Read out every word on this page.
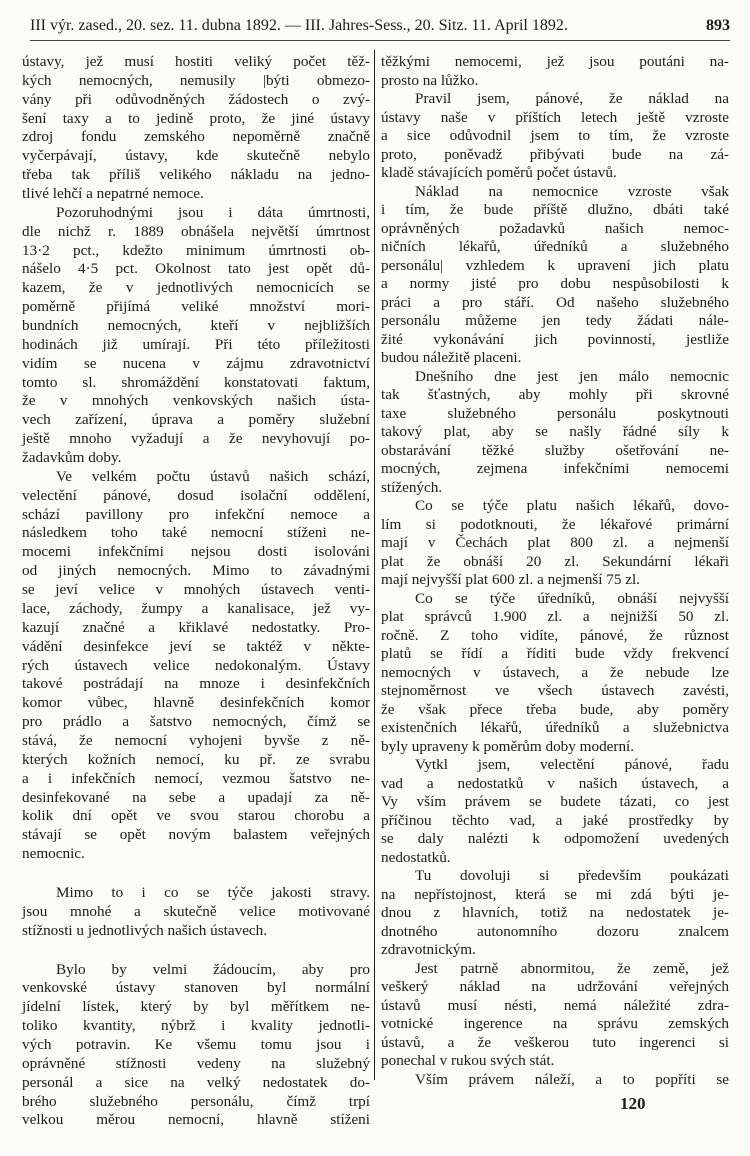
III výr. zased., 20. sez. 11. dubna 1892. — III. Jahres-Sess., 20. Sitz. 11. April 1892.	893
ústavy, jež musí hostiti veliký počet těž-
kých nemocných, nemusily |býti obmezo-
vány při odůvodněných žádostech o zvý-
šení taxy a to jedině proto, že jiné ústavy
zdroj fondu zemského nepoměrně značně
vyčerpávají, ústavy, kde skutečně nebylo
třeba tak příliš velikého nákladu na jedno-
tlivé lehčí a nepatrné nemoce.
Pozoruhodnými jsou i dáta úmrtnosti,
dle nichž r. 1889 obnášela největší úmrtnost
13·2 pct., kdežto minimum úmrtnosti ob-
nášelo 4·5 pct. Okolnost tato jest opět dů-
kazem, že v jednotlivých nemocnicích se
poměrně přijímá veliké množství mori-
bundních nemocných, kteří v nejbližších
hodinách již umírají. Při této příležitosti
vidím se nucena v zájmu zdravotnictví
tomto sl. shromáždění konstatovati faktum,
že v mnohých venkovských našich ústa-
vech zařízení, úprava a poměry služební
ještě mnoho vyžadují a že nevyhovují po-
žadavkům doby.
Ve velkém počtu ústavů našich schází,
velectění pánové, dosud isolační oddělení,
schází pavillony pro infekční nemoce a
následkem toho také nemocní stíženi ne-
mocemi infekčními nejsou dosti isolováni
od jiných nemocných. Mimo to závadnými
se jeví velice v mnohých ústavech venti-
lace, záchody, žumpy a kanalisace, jež vy-
kazují značné a křiklavé nedostatky. Pro-
vádění desinfekce jeví se taktéž v někte-
rých ústavech velice nedokonalým. Ústavy
takové postrádají na mnoze i desinfekčních
komor vůbec, hlavně desinfekčních komor
pro prádlo a šatstvo nemocných, čímž se
stává, že nemocní vyhojeni byvše z ně-
kterých kožních nemocí, ku př. ze svrabu
a i infekčních nemocí, vezmou šatstvo ne-
desinfekované na sebe a upadají za ně-
kolik dní opět ve svou starou chorobu a
stávají se opět novým balastem veřejných
nemocnic.
Mimo to i co se týče jakosti stravy.
jsou mnohé a skutečně velice motivované
stížnosti u jednotlivých našich ústavech.
Bylo by velmi žádoucím, aby pro
venkovské ústavy stanoven byl normální
jídelní lístek, který by byl měřítkem ne-
toliko kvantity, nýbrž i kvality jednotli-
vých potravin. Ke všemu tomu jsou i
oprávněné stížnosti vedeny na služebný
personál a sice na velký nedostatek do-
brého služebného personálu, čímž trpí
velkou měrou nemocní, hlavně stíženi
těžkými nemocemi, jež jsou poutáni na-
prosto na lůžko.
Pravil jsem, pánové, že náklad na
ústavy naše v příštích letech ještě vzroste
a sice odůvodnil jsem to tím, že vzroste
proto, poněvadž přibývati bude na zá-
kladě stávajících poměrů počet ústavů.
Náklad na nemocnice vzroste však
i tím, že bude příště dlužno, dbáti také
oprávněných požadavků našich nemoc-
ničních lékařů, úředníků a služebného
personálu| vzhledem k upravení jich platu
a normy jisté pro dobu nespůsobilosti k
práci a pro stáří. Od našeho služebného
personálu můžeme jen tedy žádati nále-
žité vykonávání jich povinností, jestliže
budou náležitě placeni.
Dnešního dne jest jen málo nemocnic
tak šťastných, aby mohly při skrovné
taxe služebného personálu poskytnouti
takový plat, aby se našly řádné síly k
obstarávání těžké služby ošetřování ne-
mocných, zejmena infekčními nemocemi
stížených.
Co se týče platu našich lékařů, dovo-
lím si podotknouti, že lékařové primární
mají v Čechách plat 800 zl. a nejmenší
plat že obnáší 20 zl. Sekundární lékaři
mají nejvyšší plat 600 zl. a nejmenší 75 zl.
Co se týče úředníků, obnáší nejvyšší
plat správců 1.900 zl. a nejnižší 50 zl.
ročně. Z toho vidíte, pánové, že různost
platů se řídí a říditi bude vždy frekvencí
nemocných v ústavech, a že nebude lze
stejnoměrnost ve všech ústavech zavésti,
že však přece třeba bude, aby poměry
existenčních lékařů, úředníků a služebnictva
byly upraveny k poměrům doby moderní.
Vytkl jsem, velectění pánové, řadu
vad a nedostatků v našich ústavech, a
Vy vším právem se budete tázati, co jest
příčinou těchto vad, a jaké prostředky by
se daly nalézti k odpomožení uvedených
nedostatků.
Tu dovoluji si především poukázati
na nepřístojnost, která se mi zdá býti je-
dnou z hlavních, totiž na nedostatek je-
dnotného autonomního dozoru znalcem
zdravotnickým.
Jest patrně abnormitou, že země, jež
veškerý náklad na udržování veřejných
ústavů musí nésti, nemá náležité zdra-
votnické ingerence na správu zemských
ústavů, a že veškerou tuto ingerenci si
ponechal v rukou svých stát.
Vším právem náleží, a to popříti se
120
